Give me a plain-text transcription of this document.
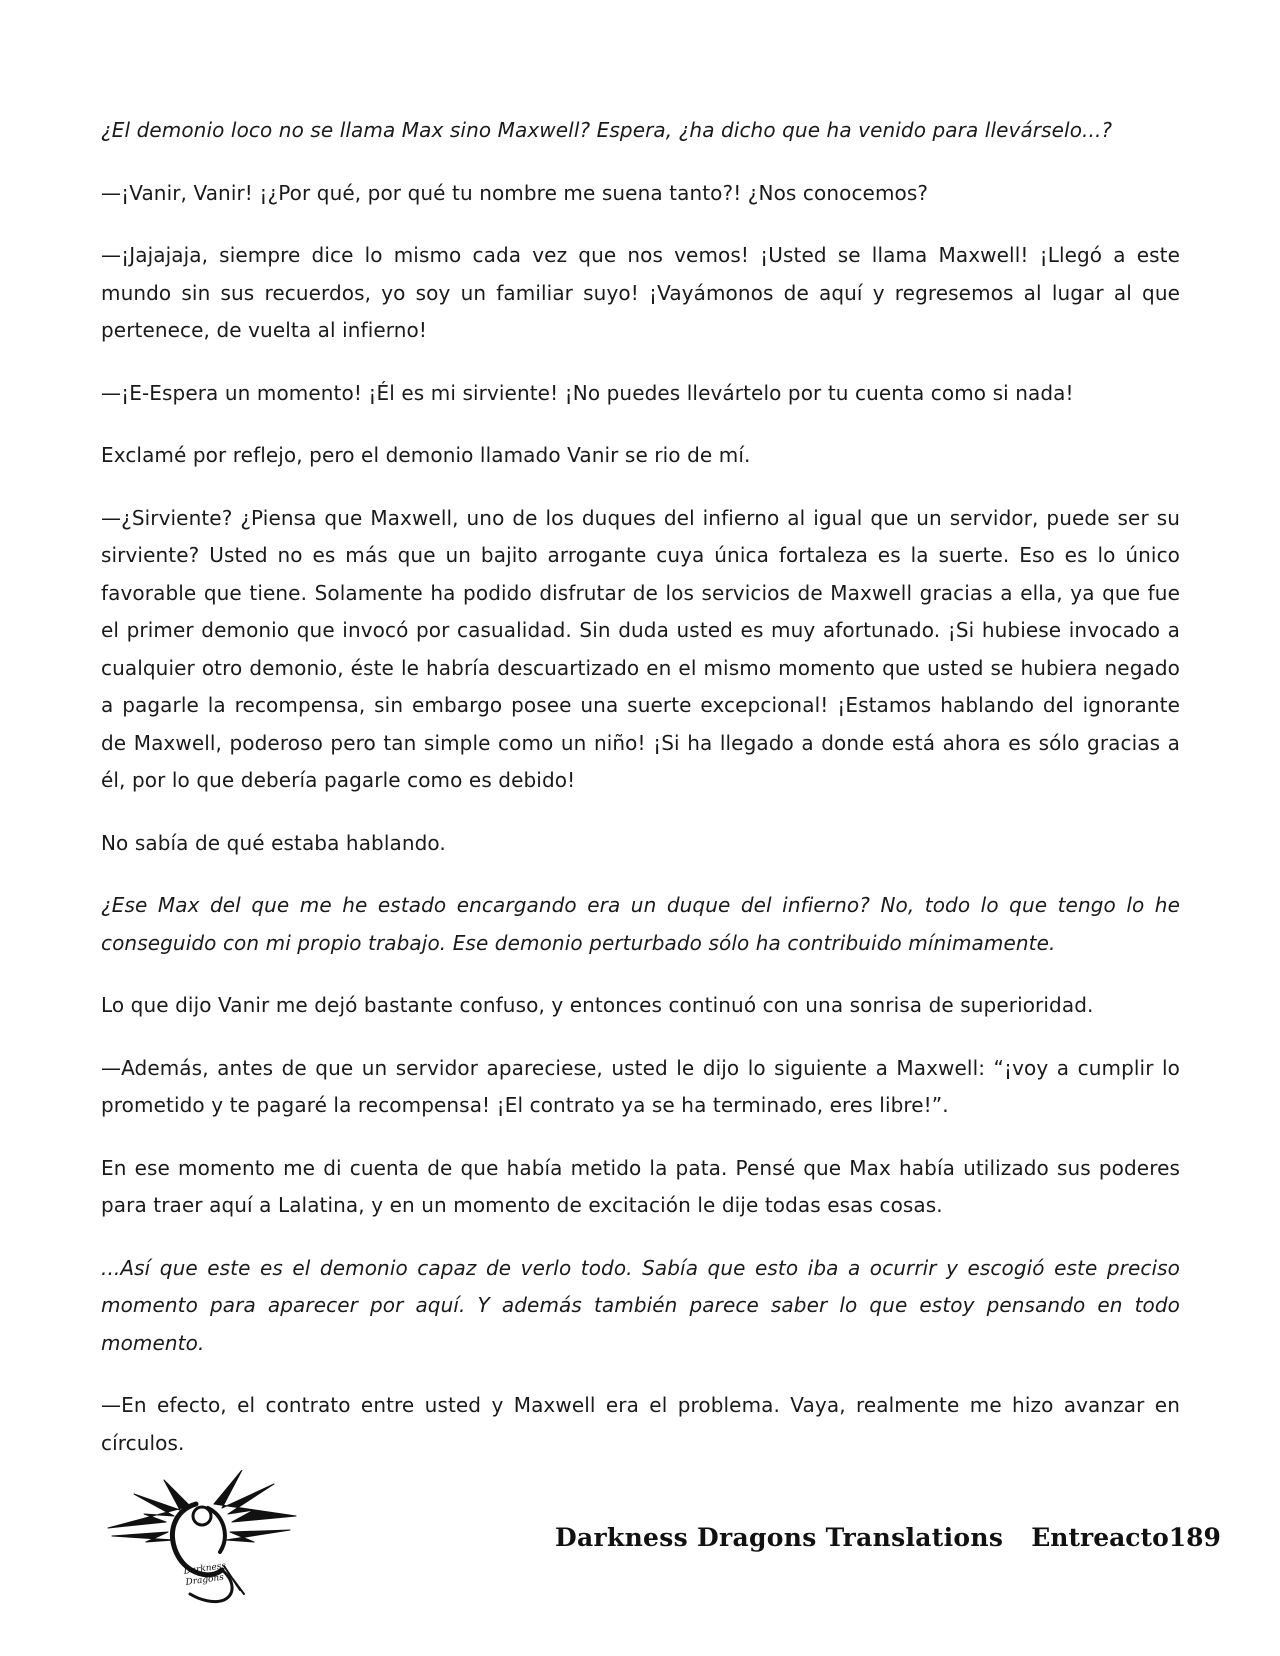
¿El demonio loco no se llama Max sino Maxwell? Espera, ¿ha dicho que ha venido para llevárselo...?

—¡Vanir, Vanir! ¡¿Por qué, por qué tu nombre me suena tanto?! ¿Nos conocemos?

—¡Jajajaja, siempre dice lo mismo cada vez que nos vemos! ¡Usted se llama Maxwell! ¡Llegó a este mundo sin sus recuerdos, yo soy un familiar suyo! ¡Vayámonos de aquí y regresemos al lugar al que pertenece, de vuelta al infierno!

—¡E-Espera un momento! ¡Él es mi sirviente! ¡No puedes llevártelo por tu cuenta como si nada!

Exclamé por reflejo, pero el demonio llamado Vanir se rio de mí.

—¿Sirviente? ¿Piensa que Maxwell, uno de los duques del infierno al igual que un servidor, puede ser su sirviente? Usted no es más que un bajito arrogante cuya única fortaleza es la suerte. Eso es lo único favorable que tiene. Solamente ha podido disfrutar de los servicios de Maxwell gracias a ella, ya que fue el primer demonio que invocó por casualidad. Sin duda usted es muy afortunado. ¡Si hubiese invocado a cualquier otro demonio, éste le habría descuartizado en el mismo momento que usted se hubiera negado a pagarle la recompensa, sin embargo posee una suerte excepcional! ¡Estamos hablando del ignorante de Maxwell, poderoso pero tan simple como un niño! ¡Si ha llegado a donde está ahora es sólo gracias a él, por lo que debería pagarle como es debido!

No sabía de qué estaba hablando.

¿Ese Max del que me he estado encargando era un duque del infierno? No, todo lo que tengo lo he conseguido con mi propio trabajo. Ese demonio perturbado sólo ha contribuido mínimamente.

Lo que dijo Vanir me dejó bastante confuso, y entonces continuó con una sonrisa de superioridad.

—Además, antes de que un servidor apareciese, usted le dijo lo siguiente a Maxwell: “¡voy a cumplir lo prometido y te pagaré la recompensa! ¡El contrato ya se ha terminado, eres libre!”.

En ese momento me di cuenta de que había metido la pata. Pensé que Max había utilizado sus poderes para traer aquí a Lalatina, y en un momento de excitación le dije todas esas cosas.

...Así que este es el demonio capaz de verlo todo. Sabía que esto iba a ocurrir y escogió este preciso momento para aparecer por aquí. Y además también parece saber lo que estoy pensando en todo momento.

—En efecto, el contrato entre usted y Maxwell era el problema. Vaya, realmente me hizo avanzar en círculos.

Darkness
Dragons
Darkness Dragons Translations Entreacto 189
